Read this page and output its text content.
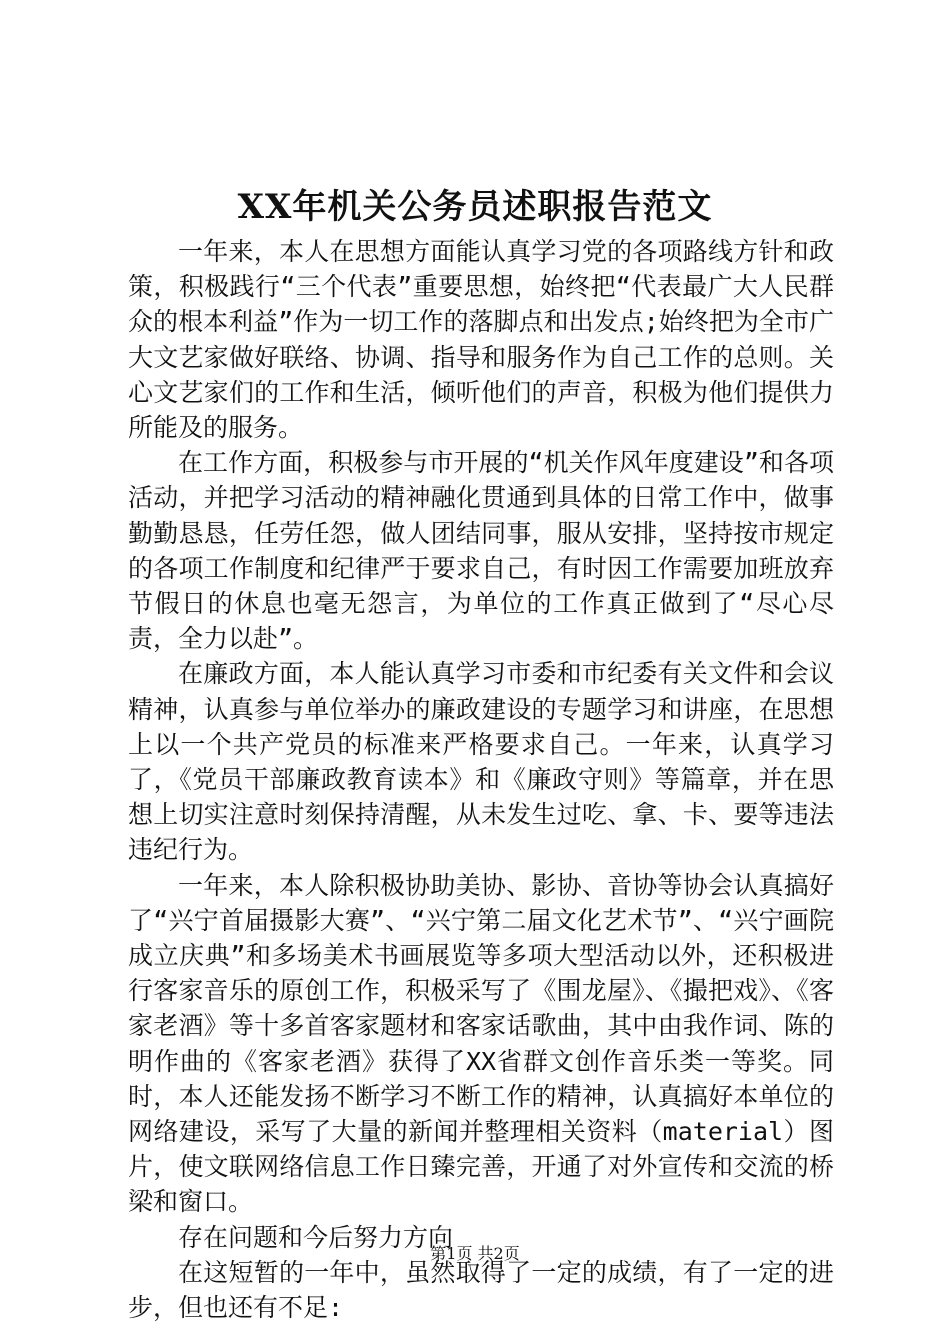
XX年机关公务员述职报告范文

一年来，本人在思想方面能认真学习党的各项路线方针和政策，积极践行“三个代表”重要思想，始终把“代表最广大人民群众的根本利益”作为一切工作的落脚点和出发点;始终把为全市广大文艺家做好联络、协调、指导和服务作为自己工作的总则。关心文艺家们的工作和生活，倾听他们的声音，积极为他们提供力所能及的服务。

在工作方面，积极参与市开展的“机关作风年度建设”和各项活动，并把学习活动的精神融化贯通到具体的日常工作中，做事勤勤恳恳，任劳任怨，做人团结同事，服从安排，坚持按市规定的各项工作制度和纪律严于要求自己，有时因工作需要加班放弃节假日的休息也毫无怨言，为单位的工作真正做到了“尽心尽责，全力以赴”。

在廉政方面，本人能认真学习市委和市纪委有关文件和会议精神，认真参与单位举办的廉政建设的专题学习和讲座，在思想上以一个共产党员的标准来严格要求自己。一年来，认真学习了，《党员干部廉政教育读本》和《廉政守则》等篇章，并在思想上切实注意时刻保持清醒，从未发生过吃、拿、卡、要等违法违纪行为。

一年来，本人除积极协助美协、影协、音协等协会认真搞好了“兴宁首届摄影大赛”、“兴宁第二届文化艺术节”、“兴宁画院成立庆典”和多场美术书画展览等多项大型活动以外，还积极进行客家音乐的原创工作，积极采写了《围龙屋》、《撮把戏》、《客家老酒》等十多首客家题材和客家话歌曲，其中由我作词、陈的明作曲的《客家老酒》获得了XX省群文创作音乐类一等奖。同时，本人还能发扬不断学习不断工作的精神，认真搞好本单位的网络建设，采写了大量的新闻并整理相关资料（material）图片，使文联网络信息工作日臻完善，开通了对外宣传和交流的桥梁和窗口。

存在问题和今后努力方向

在这短暂的一年中，虽然取得了一定的成绩，有了一定的进步，但也还有不足:

第1页 共2页
